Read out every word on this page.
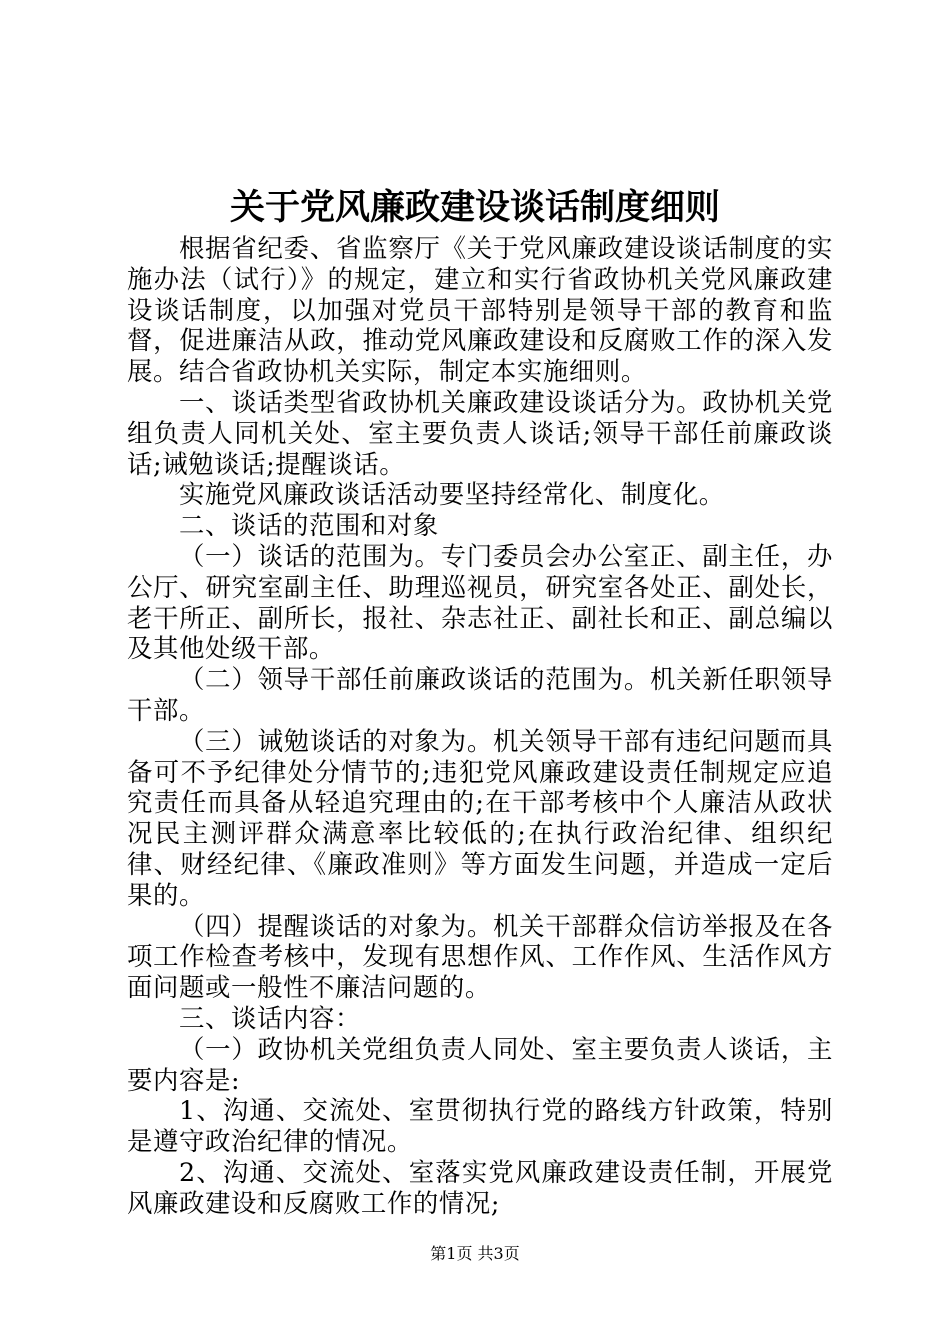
关于党风廉政建设谈话制度细则

根据省纪委、省监察厅《关于党风廉政建设谈话制度的实施办法（试行）》的规定，建立和实行省政协机关党风廉政建设谈话制度，以加强对党员干部特别是领导干部的教育和监督，促进廉洁从政，推动党风廉政建设和反腐败工作的深入发展。结合省政协机关实际，制定本实施细则。

一、谈话类型省政协机关廉政建设谈话分为。政协机关党组负责人同机关处、室主要负责人谈话;领导干部任前廉政谈话;诫勉谈话;提醒谈话。

实施党风廉政谈话活动要坚持经常化、制度化。

二、谈话的范围和对象

（一）谈话的范围为。专门委员会办公室正、副主任，办公厅、研究室副主任、助理巡视员，研究室各处正、副处长，老干所正、副所长，报社、杂志社正、副社长和正、副总编以及其他处级干部。

（二）领导干部任前廉政谈话的范围为。机关新任职领导干部。

（三）诫勉谈话的对象为。机关领导干部有违纪问题而具备可不予纪律处分情节的;违犯党风廉政建设责任制规定应追究责任而具备从轻追究理由的;在干部考核中个人廉洁从政状况民主测评群众满意率比较低的;在执行政治纪律、组织纪律、财经纪律、《廉政准则》等方面发生问题，并造成一定后果的。

（四）提醒谈话的对象为。机关干部群众信访举报及在各项工作检查考核中，发现有思想作风、工作作风、生活作风方面问题或一般性不廉洁问题的。

三、谈话内容：

（一）政协机关党组负责人同处、室主要负责人谈话，主要内容是:

1、沟通、交流处、室贯彻执行党的路线方针政策，特别是遵守政治纪律的情况。

2、沟通、交流处、室落实党风廉政建设责任制，开展党风廉政建设和反腐败工作的情况;

第1页 共3页
